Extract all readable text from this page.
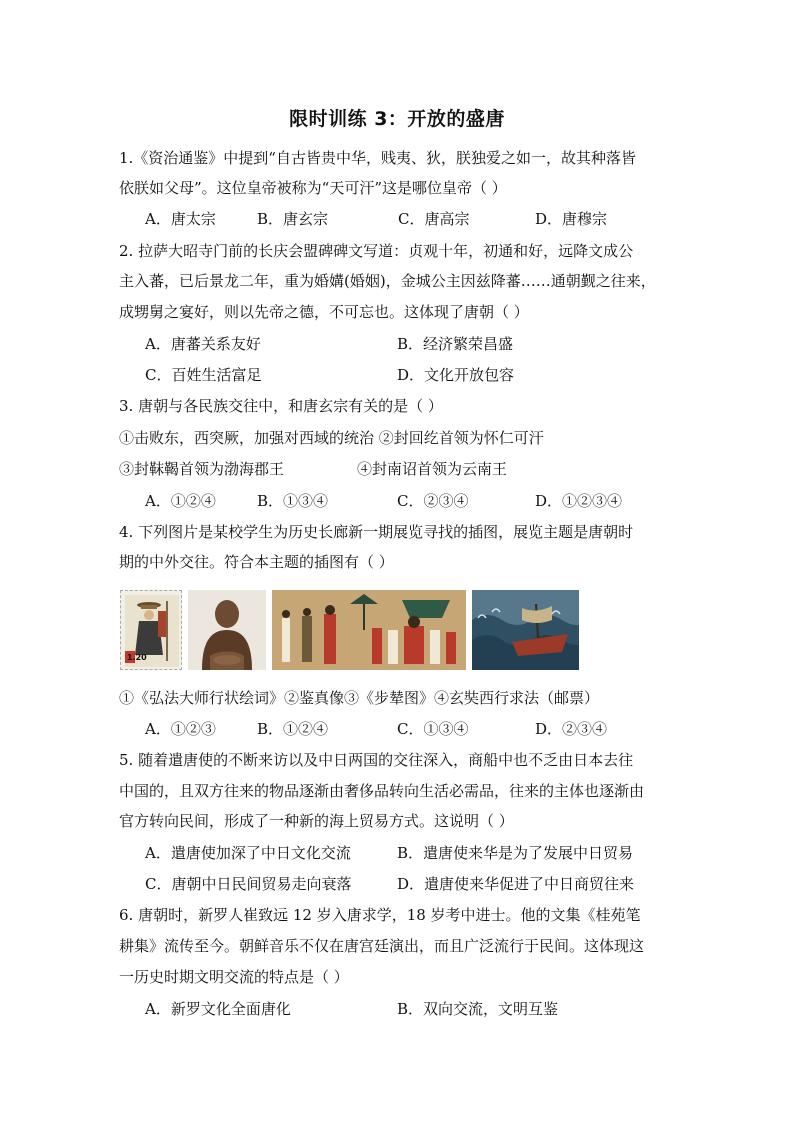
限时训练 3：开放的盛唐
1.《资治通鉴》中提到“自古皆贵中华，贱夷、狄，朕独爱之如一，故其种落皆
依朕如父母”。这位皇帝被称为“天可汗”这是哪位皇帝（ ）
A．唐太宗	B．唐玄宗	C．唐高宗	D．唐穆宗
2. 拉萨大昭寺门前的长庆会盟碑碑文写道：贞观十年，初通和好，远降文成公
主入蕃，已后景龙二年，重为婚媾(婚姻)，金城公主因兹降蕃……通朝觐之往来，
成甥舅之宴好，则以先帝之德，不可忘也。这体现了唐朝（ ）
A．唐蕃关系友好	B．经济繁荣昌盛
C．百姓生活富足	D．文化开放包容
3. 唐朝与各民族交往中，和唐玄宗有关的是（ ）
①击败东，西突厥，加强对西域的统治 ②封回纥首领为怀仁可汗
③封靺鞨首领为渤海郡王	④封南诏首领为云南王
A．①②④	B．①③④	C．②③④	D．①②③④
4. 下列图片是某校学生为历史长廊新一期展览寻找的插图，展览主题是唐朝时
期的中外交往。符合本主题的插图有（ ）
1.20
①《弘法大师行状绘词》②鉴真像③《步辇图》④玄奘西行求法（邮票）
A．①②③	B．①②④	C．①③④	D．②③④
5. 随着遣唐使的不断来访以及中日两国的交往深入，商船中也不乏由日本去往
中国的，且双方往来的物品逐渐由奢侈品转向生活必需品，往来的主体也逐渐由
官方转向民间，形成了一种新的海上贸易方式。这说明（ ）
A．遣唐使加深了中日文化交流	B．遣唐使来华是为了发展中日贸易
C．唐朝中日民间贸易走向衰落	D．遣唐使来华促进了中日商贸往来
6. 唐朝时，新罗人崔致远 12 岁入唐求学，18 岁考中进士。他的文集《桂苑笔
耕集》流传至今。朝鲜音乐不仅在唐宫廷演出，而且广泛流行于民间。这体现这
一历史时期文明交流的特点是（ ）
A．新罗文化全面唐化	B．双向交流，文明互鉴
